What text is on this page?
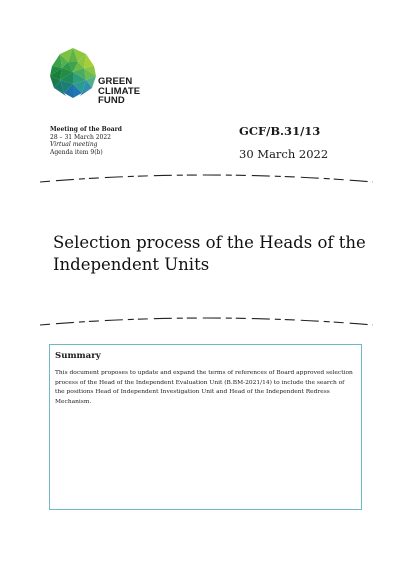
GREEN
CLIMATE
FUND
Meeting of the Board
28 – 31 March 2022
Virtual meeting
Agenda item 9(b)
GCF/B.31/13
30 March 2022
Selection process of the Heads of the Independent Units
Summary
This document proposes to update and expand the terms of references of Board approved selection process of the Head of the Independent Evaluation Unit (B.BM-2021/14) to include the search of the positions Head of Independent Investigation Unit and Head of the Independent Redress Mechanism.
